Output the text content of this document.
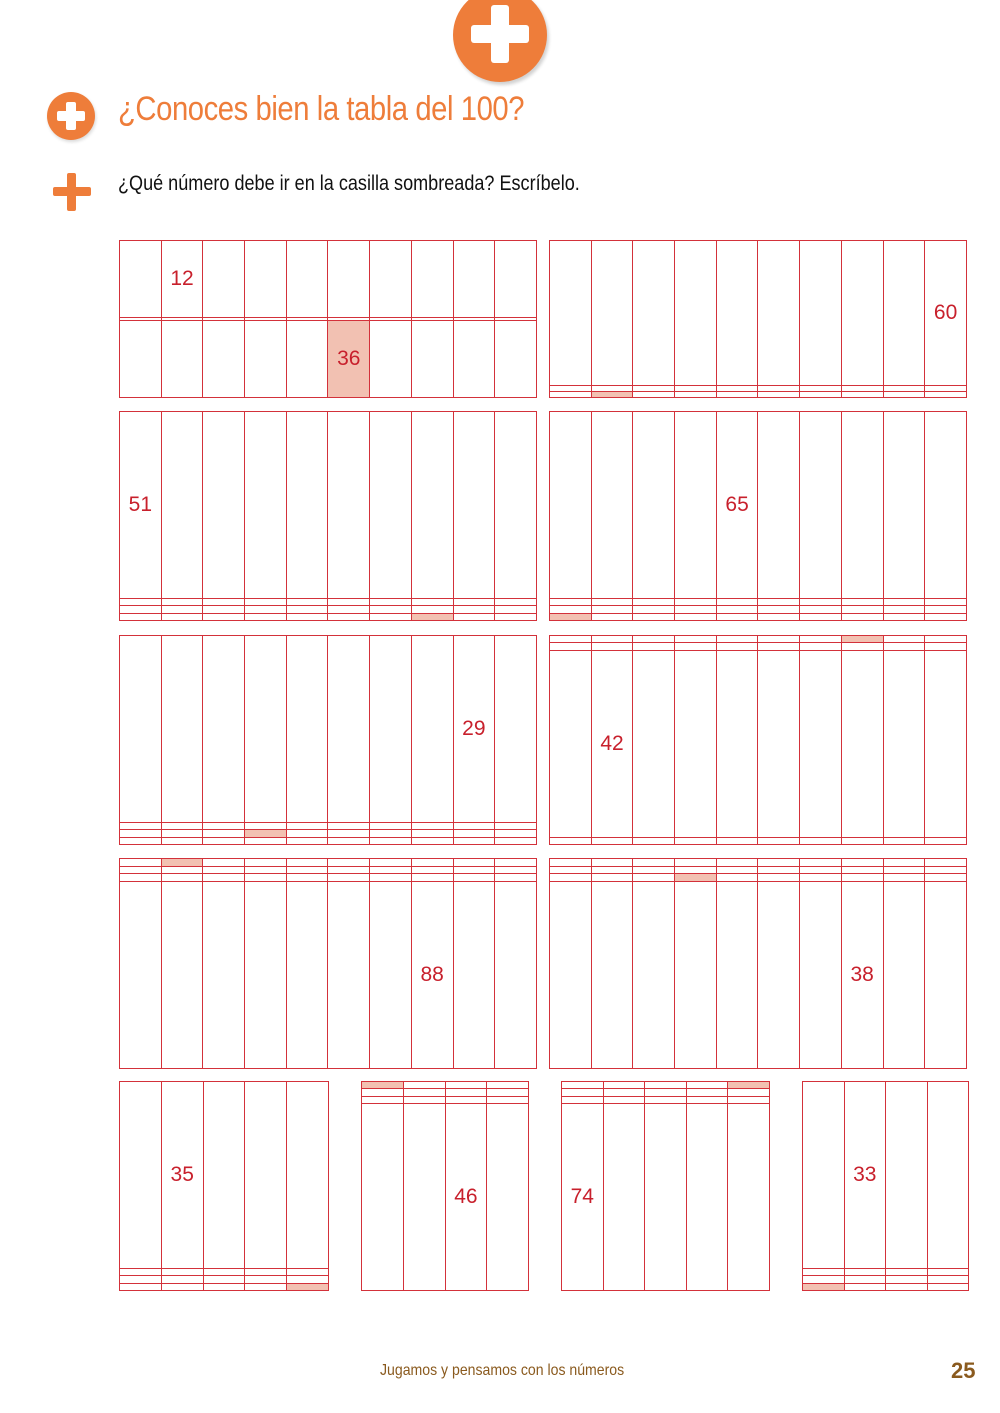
¿Conoces bien la tabla del 100?

¿Qué número debe ir en la casilla sombreada? Escríbelo.

	12								

					36				
									60

51									

					65					

								29	

	42								

							88		

								38		
	35			

		46	

					74				
	33		

Jugamos y pensamos con los números	25
